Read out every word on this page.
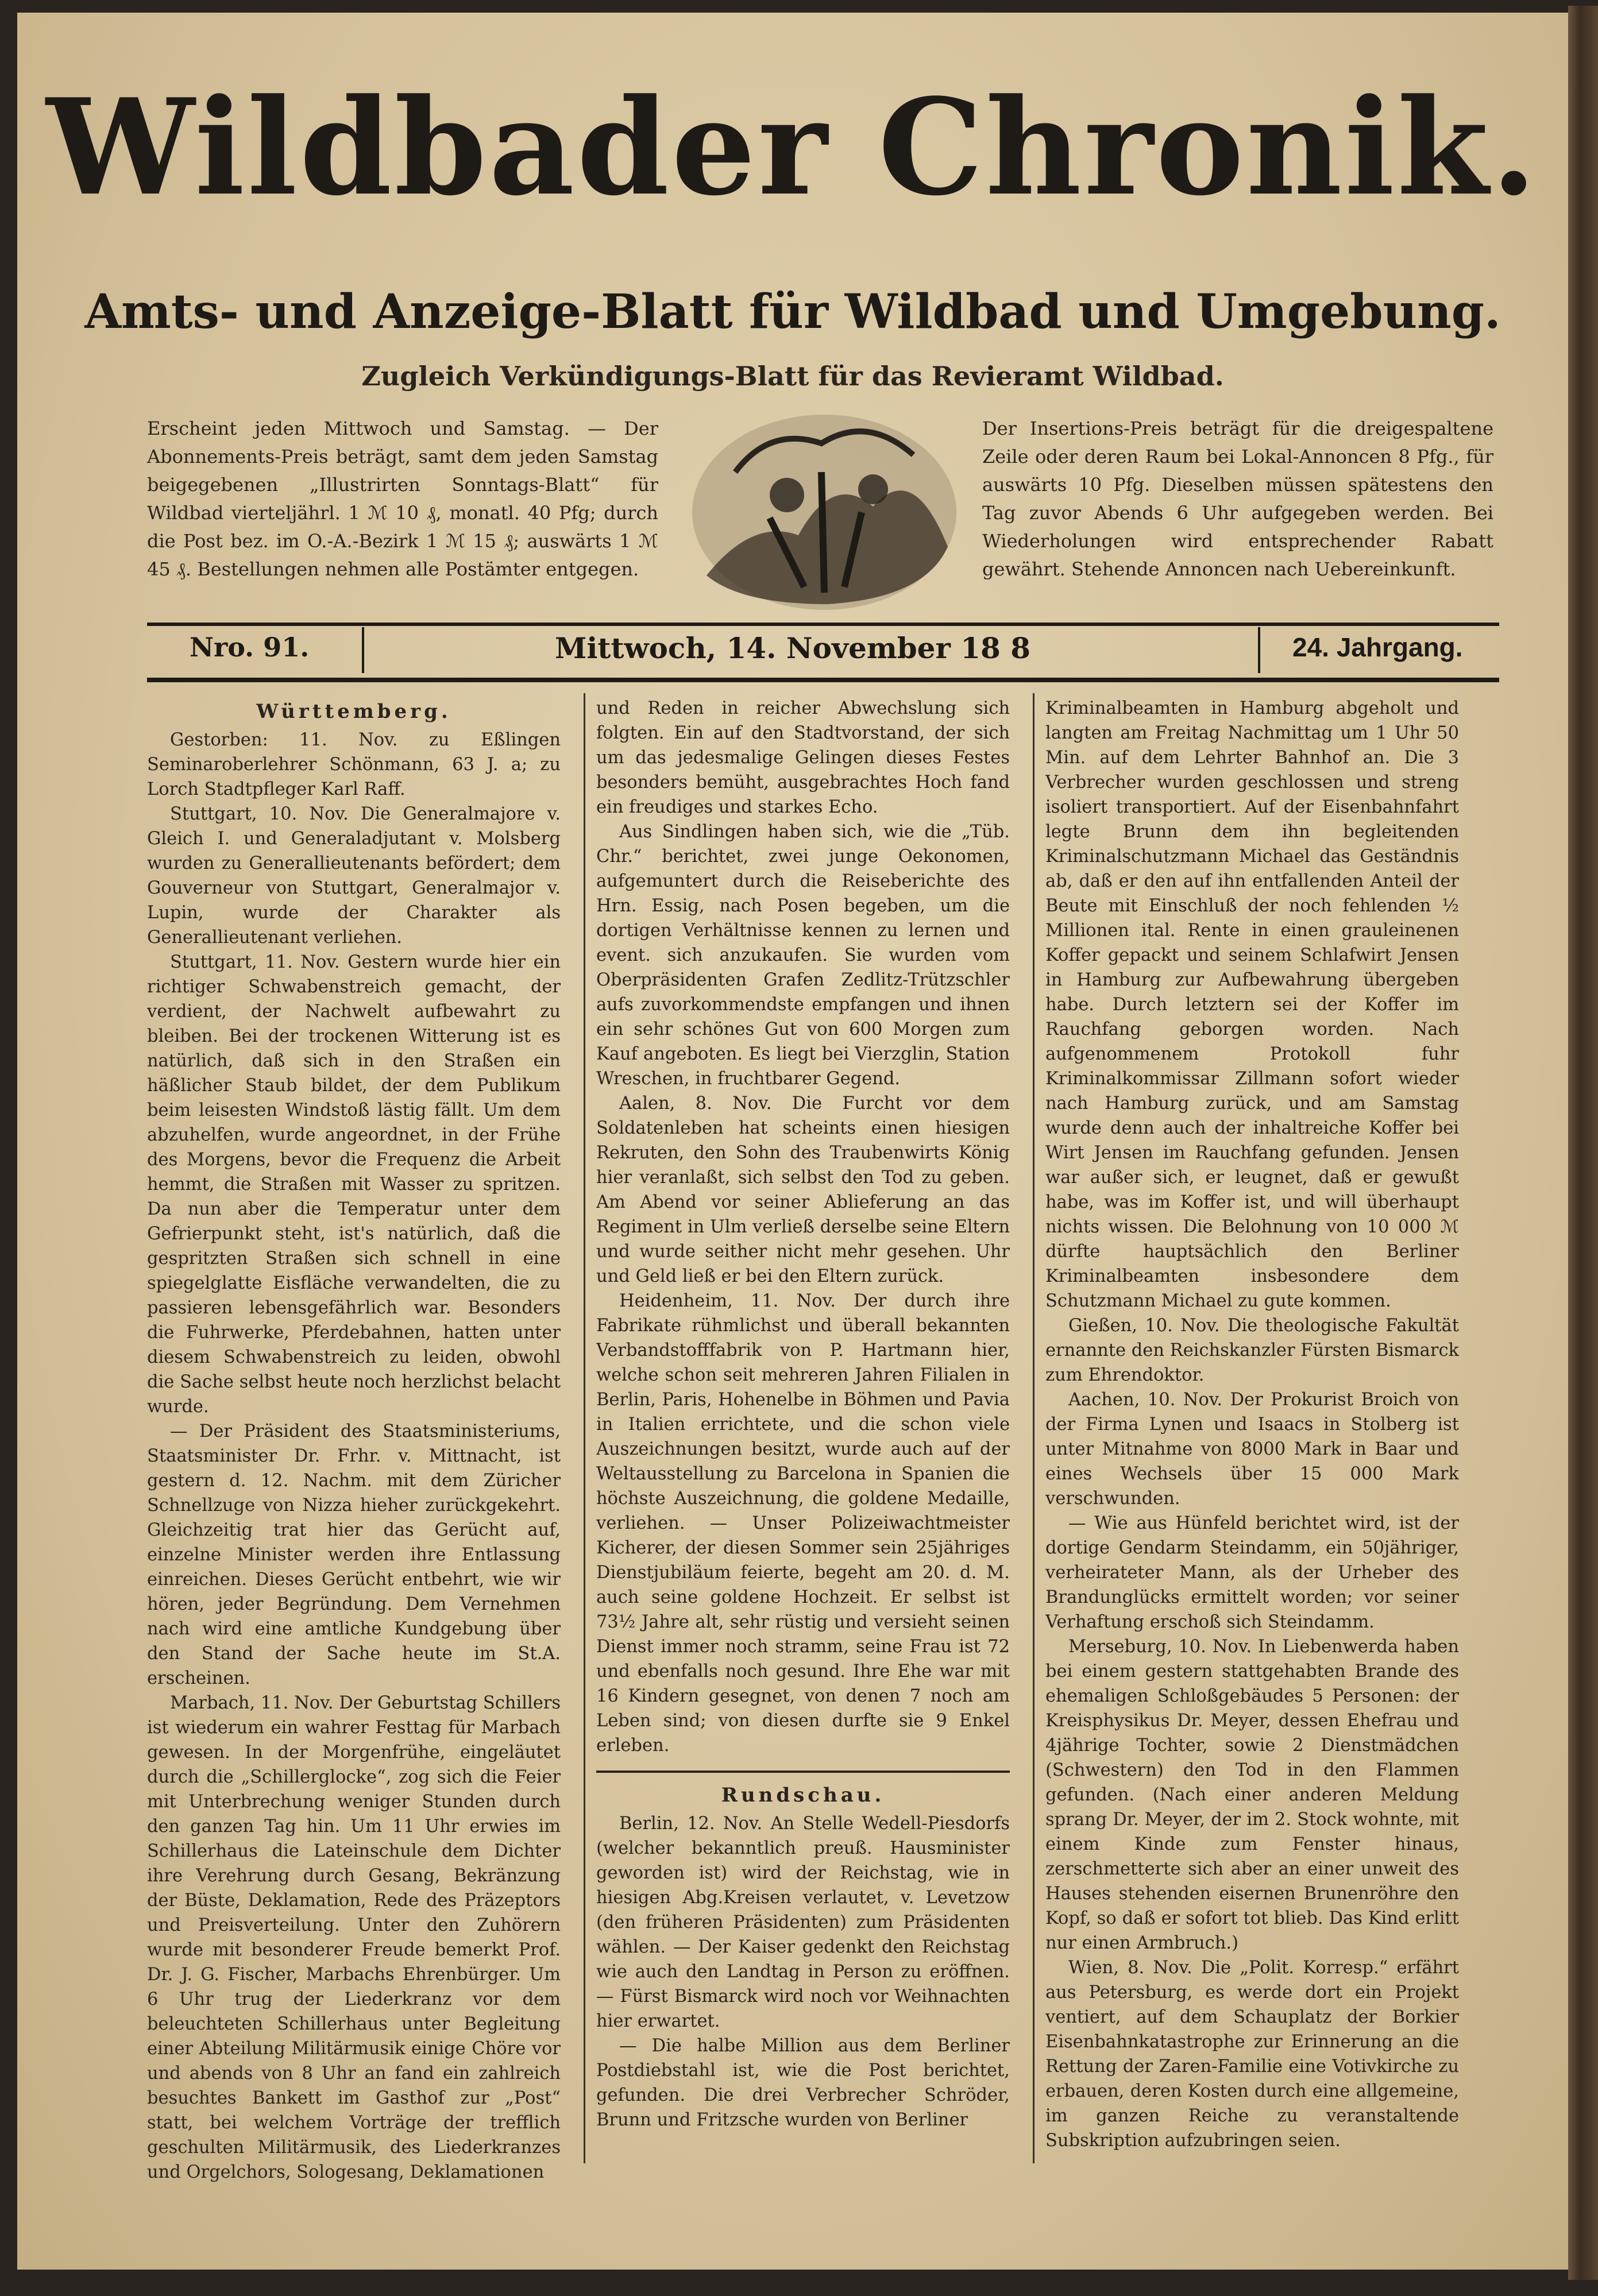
Wildbader Chronik.
Amts- und Anzeige-Blatt für Wildbad und Umgebung.
Zugleich Verkündigungs-Blatt für das Revieramt Wildbad.
Erscheint jeden Mittwoch und Samstag. — Der Abonnements-Preis beträgt, samt dem jeden Samstag beigegebenen „Illustrirten Sonntags-Blatt“ für Wildbad vierteljährl. 1 ℳ 10 ₰, monatl. 40 Pfg; durch die Post bez. im O.-A.-Bezirk 1 ℳ 15 ₰; auswärts 1 ℳ 45 ₰. Bestellungen nehmen alle Postämter entgegen.
Der Insertions-Preis beträgt für die dreigespaltene Zeile oder deren Raum bei Lokal-Annoncen 8 Pfg., für auswärts 10 Pfg. Dieselben müssen spätestens den Tag zuvor Abends 6 Uhr aufgegeben werden. Bei Wiederholungen wird entsprechender Rabatt gewährt. Stehende Annoncen nach Uebereinkunft.
Nro. 91.	Mittwoch, 14. November 18 8	24. Jahrgang.
Württemberg.

Gestorben: 11. Nov. zu Eßlingen Seminaroberlehrer Schönmann, 63 J. a; zu Lorch Stadtpfleger Karl Raff.

Stuttgart, 10. Nov. Die Generalmajore v. Gleich I. und Generaladjutant v. Molsberg wurden zu Generallieutenants befördert; dem Gouverneur von Stuttgart, Generalmajor v. Lupin, wurde der Charakter als Generallieutenant verliehen.

Stuttgart, 11. Nov. Gestern wurde hier ein richtiger Schwabenstreich gemacht, der verdient, der Nachwelt aufbewahrt zu bleiben. Bei der trockenen Witterung ist es natürlich, daß sich in den Straßen ein häßlicher Staub bildet, der dem Publikum beim leisesten Windstoß lästig fällt. Um dem abzuhelfen, wurde angeordnet, in der Frühe des Morgens, bevor die Frequenz die Arbeit hemmt, die Straßen mit Wasser zu spritzen. Da nun aber die Temperatur unter dem Gefrierpunkt steht, ist's natürlich, daß die gespritzten Straßen sich schnell in eine spiegelglatte Eisfläche verwandelten, die zu passieren lebensgefährlich war. Besonders die Fuhrwerke, Pferdebahnen, hatten unter diesem Schwabenstreich zu leiden, obwohl die Sache selbst heute noch herzlichst belacht wurde.

— Der Präsident des Staatsministeriums, Staatsminister Dr. Frhr. v. Mittnacht, ist gestern d. 12. Nachm. mit dem Züricher Schnellzuge von Nizza hieher zurückgekehrt. Gleichzeitig trat hier das Gerücht auf, einzelne Minister werden ihre Entlassung einreichen. Dieses Gerücht entbehrt, wie wir hören, jeder Begründung. Dem Vernehmen nach wird eine amtliche Kundgebung über den Stand der Sache heute im St.A. erscheinen.

Marbach, 11. Nov. Der Geburtstag Schillers ist wiederum ein wahrer Festtag für Marbach gewesen. In der Morgenfrühe, eingeläutet durch die „Schillerglocke“, zog sich die Feier mit Unterbrechung weniger Stunden durch den ganzen Tag hin. Um 11 Uhr erwies im Schillerhaus die Lateinschule dem Dichter ihre Verehrung durch Gesang, Bekränzung der Büste, Deklamation, Rede des Präzeptors und Preisverteilung. Unter den Zuhörern wurde mit besonderer Freude bemerkt Prof. Dr. J. G. Fischer, Marbachs Ehrenbürger. Um 6 Uhr trug der Liederkranz vor dem beleuchteten Schillerhaus unter Begleitung einer Abteilung Militärmusik einige Chöre vor und abends von 8 Uhr an fand ein zahlreich besuchtes Bankett im Gasthof zur „Post“ statt, bei welchem Vorträge der trefflich geschulten Militärmusik, des Liederkranzes und Orgelchors, Sologesang, Deklamationen

und Reden in reicher Abwechslung sich folgten. Ein auf den Stadtvorstand, der sich um das jedesmalige Gelingen dieses Festes besonders bemüht, ausgebrachtes Hoch fand ein freudiges und starkes Echo.

Aus Sindlingen haben sich, wie die „Tüb. Chr.“ berichtet, zwei junge Oekonomen, aufgemuntert durch die Reiseberichte des Hrn. Essig, nach Posen begeben, um die dortigen Verhältnisse kennen zu lernen und event. sich anzukaufen. Sie wurden vom Oberpräsidenten Grafen Zedlitz-Trützschler aufs zuvorkommendste empfangen und ihnen ein sehr schönes Gut von 600 Morgen zum Kauf angeboten. Es liegt bei Vierzglin, Station Wreschen, in fruchtbarer Gegend.

Aalen, 8. Nov. Die Furcht vor dem Soldatenleben hat scheints einen hiesigen Rekruten, den Sohn des Traubenwirts König hier veranlaßt, sich selbst den Tod zu geben. Am Abend vor seiner Ablieferung an das Regiment in Ulm verließ derselbe seine Eltern und wurde seither nicht mehr gesehen. Uhr und Geld ließ er bei den Eltern zurück.

Heidenheim, 11. Nov. Der durch ihre Fabrikate rühmlichst und überall bekannten Verbandstofffabrik von P. Hartmann hier, welche schon seit mehreren Jahren Filialen in Berlin, Paris, Hohenelbe in Böhmen und Pavia in Italien errichtete, und die schon viele Auszeichnungen besitzt, wurde auch auf der Weltausstellung zu Barcelona in Spanien die höchste Auszeichnung, die goldene Medaille, verliehen. — Unser Polizeiwachtmeister Kicherer, der diesen Sommer sein 25jähriges Dienstjubiläum feierte, begeht am 20. d. M. auch seine goldene Hochzeit. Er selbst ist 73½ Jahre alt, sehr rüstig und versieht seinen Dienst immer noch stramm, seine Frau ist 72 und ebenfalls noch gesund. Ihre Ehe war mit 16 Kindern gesegnet, von denen 7 noch am Leben sind; von diesen durfte sie 9 Enkel erleben.

Rundschau.

Berlin, 12. Nov. An Stelle Wedell-Piesdorfs (welcher bekanntlich preuß. Hausminister geworden ist) wird der Reichstag, wie in hiesigen Abg.Kreisen verlautet, v. Levetzow (den früheren Präsidenten) zum Präsidenten wählen. — Der Kaiser gedenkt den Reichstag wie auch den Landtag in Person zu eröffnen. — Fürst Bismarck wird noch vor Weihnachten hier erwartet.

— Die halbe Million aus dem Berliner Postdiebstahl ist, wie die Post berichtet, gefunden. Die drei Verbrecher Schröder, Brunn und Fritzsche wurden von Berliner

Kriminalbeamten in Hamburg abgeholt und langten am Freitag Nachmittag um 1 Uhr 50 Min. auf dem Lehrter Bahnhof an. Die 3 Verbrecher wurden geschlossen und streng isoliert transportiert. Auf der Eisenbahnfahrt legte Brunn dem ihn begleitenden Kriminalschutzmann Michael das Geständnis ab, daß er den auf ihn entfallenden Anteil der Beute mit Einschluß der noch fehlenden ½ Millionen ital. Rente in einen grauleinenen Koffer gepackt und seinem Schlafwirt Jensen in Hamburg zur Aufbewahrung übergeben habe. Durch letztern sei der Koffer im Rauchfang geborgen worden. Nach aufgenommenem Protokoll fuhr Kriminalkommissar Zillmann sofort wieder nach Hamburg zurück, und am Samstag wurde denn auch der inhaltreiche Koffer bei Wirt Jensen im Rauchfang gefunden. Jensen war außer sich, er leugnet, daß er gewußt habe, was im Koffer ist, und will überhaupt nichts wissen. Die Belohnung von 10 000 ℳ dürfte hauptsächlich den Berliner Kriminalbeamten insbesondere dem Schutzmann Michael zu gute kommen.

Gießen, 10. Nov. Die theologische Fakultät ernannte den Reichskanzler Fürsten Bismarck zum Ehrendoktor.

Aachen, 10. Nov. Der Prokurist Broich von der Firma Lynen und Isaacs in Stolberg ist unter Mitnahme von 8000 Mark in Baar und eines Wechsels über 15 000 Mark verschwunden.

— Wie aus Hünfeld berichtet wird, ist der dortige Gendarm Steindamm, ein 50jähriger, verheirateter Mann, als der Urheber des Brandunglücks ermittelt worden; vor seiner Verhaftung erschoß sich Steindamm.

Merseburg, 10. Nov. In Liebenwerda haben bei einem gestern stattgehabten Brande des ehemaligen Schloßgebäudes 5 Personen: der Kreisphysikus Dr. Meyer, dessen Ehefrau und 4jährige Tochter, sowie 2 Dienstmädchen (Schwestern) den Tod in den Flammen gefunden. (Nach einer anderen Meldung sprang Dr. Meyer, der im 2. Stock wohnte, mit einem Kinde zum Fenster hinaus, zerschmetterte sich aber an einer unweit des Hauses stehenden eisernen Brunenröhre den Kopf, so daß er sofort tot blieb. Das Kind erlitt nur einen Armbruch.)

Wien, 8. Nov. Die „Polit. Korresp.“ erfährt aus Petersburg, es werde dort ein Projekt ventiert, auf dem Schauplatz der Borkier Eisenbahnkatastrophe zur Erinnerung an die Rettung der Zaren-Familie eine Votivkirche zu erbauen, deren Kosten durch eine allgemeine, im ganzen Reiche zu veranstaltende Subskription aufzubringen seien.
